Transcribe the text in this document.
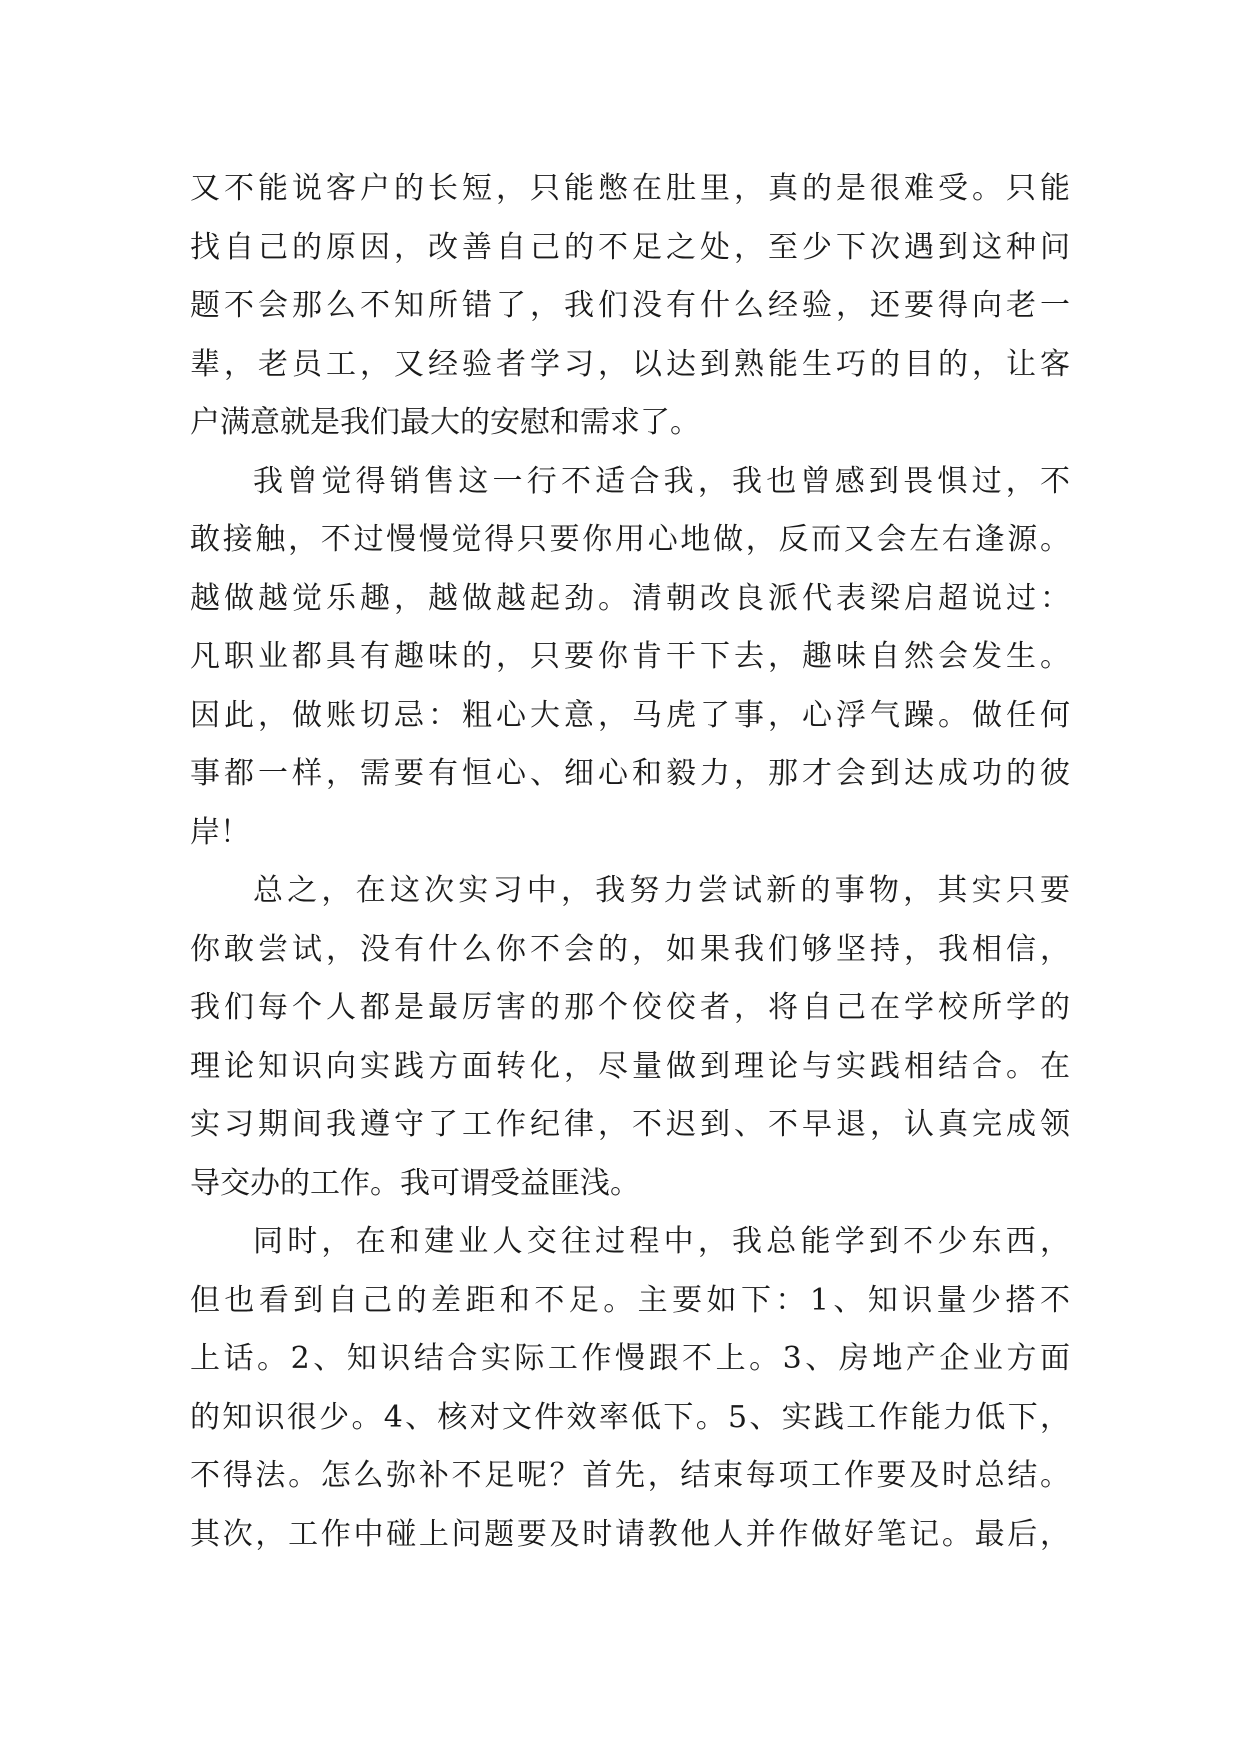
又不能说客户的长短，只能憋在肚里，真的是很难受。只能
找自己的原因，改善自己的不足之处，至少下次遇到这种问
题不会那么不知所错了，我们没有什么经验，还要得向老一
辈，老员工，又经验者学习，以达到熟能生巧的目的，让客
户满意就是我们最大的安慰和需求了。
我曾觉得销售这一行不适合我，我也曾感到畏惧过，不
敢接触，不过慢慢觉得只要你用心地做，反而又会左右逢源。
越做越觉乐趣，越做越起劲。清朝改良派代表梁启超说过：
凡职业都具有趣味的，只要你肯干下去，趣味自然会发生。
因此，做账切忌：粗心大意，马虎了事，心浮气躁。做任何
事都一样，需要有恒心、细心和毅力，那才会到达成功的彼
岸！
总之，在这次实习中，我努力尝试新的事物，其实只要
你敢尝试，没有什么你不会的，如果我们够坚持，我相信，
我们每个人都是最厉害的那个佼佼者，将自己在学校所学的
理论知识向实践方面转化，尽量做到理论与实践相结合。在
实习期间我遵守了工作纪律，不迟到、不早退，认真完成领
导交办的工作。我可谓受益匪浅。
同时，在和建业人交往过程中，我总能学到不少东西，
但也看到自己的差距和不足。主要如下：1、知识量少搭不
上话。2、知识结合实际工作慢跟不上。3、房地产企业方面
的知识很少。4、核对文件效率低下。5、实践工作能力低下，
不得法。怎么弥补不足呢？首先，结束每项工作要及时总结。
其次，工作中碰上问题要及时请教他人并作做好笔记。最后，
